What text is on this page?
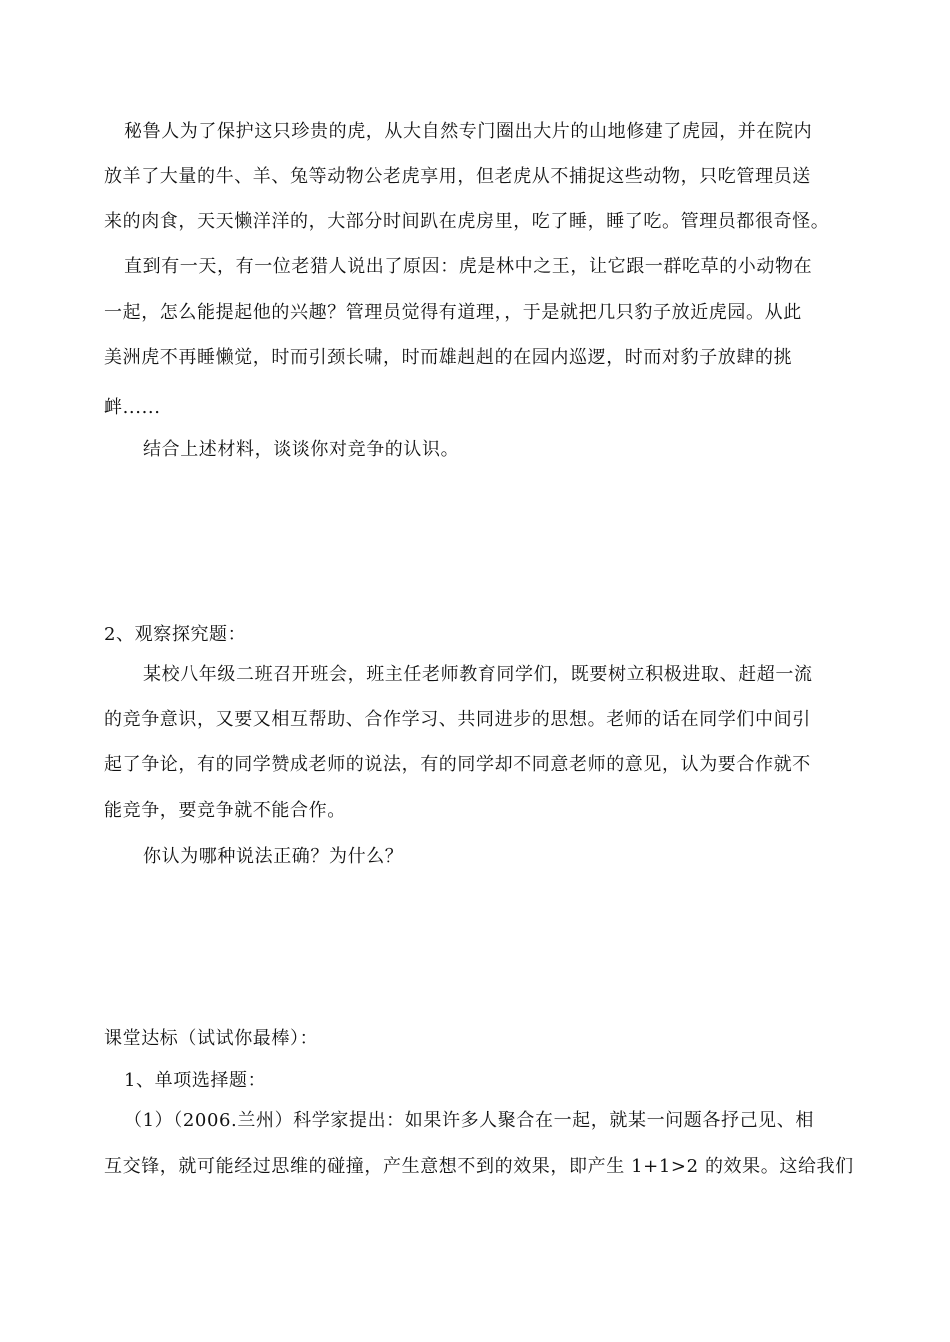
秘鲁人为了保护这只珍贵的虎，从大自然专门圈出大片的山地修建了虎园，并在院内
放羊了大量的牛、羊、兔等动物公老虎享用，但老虎从不捕捉这些动物，只吃管理员送
来的肉食，天天懒洋洋的，大部分时间趴在虎房里，吃了睡，睡了吃。管理员都很奇怪。
直到有一天，有一位老猎人说出了原因：虎是林中之王，让它跟一群吃草的小动物在
一起，怎么能提起他的兴趣？管理员觉得有道理，，于是就把几只豹子放近虎园。从此
美洲虎不再睡懒觉，时而引颈长啸，时而雄赳赳的在园内巡逻，时而对豹子放肆的挑
衅......
结合上述材料，谈谈你对竞争的认识。
2、观察探究题：
某校八年级二班召开班会，班主任老师教育同学们，既要树立积极进取、赶超一流
的竞争意识，又要又相互帮助、合作学习、共同进步的思想。老师的话在同学们中间引
起了争论，有的同学赞成老师的说法，有的同学却不同意老师的意见，认为要合作就不
能竞争，要竞争就不能合作。
你认为哪种说法正确？为什么？
课堂达标（试试你最棒）：
1、单项选择题：
（1）（2006.兰州）科学家提出：如果许多人聚合在一起，就某一问题各抒己见、相
互交锋，就可能经过思维的碰撞，产生意想不到的效果，即产生 1+1>2 的效果。这给我们
